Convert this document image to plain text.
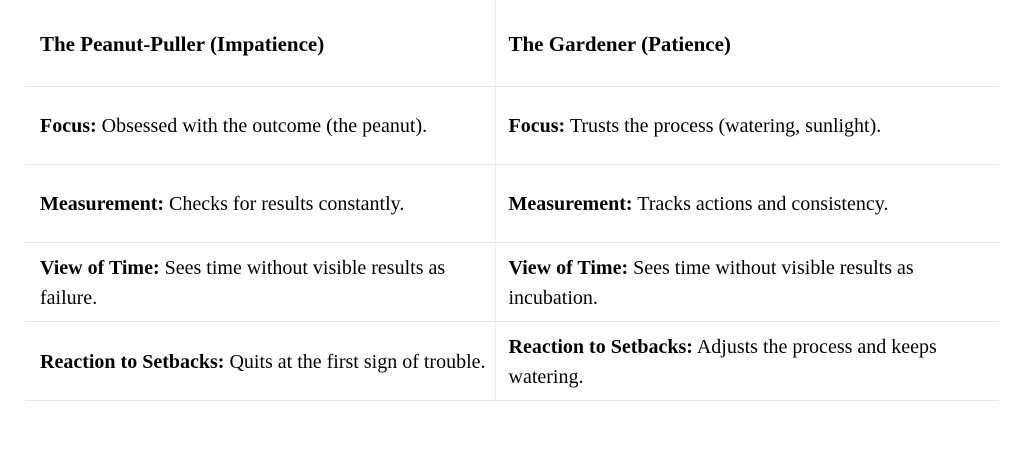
The Peanut-Puller (Impatience)	The Gardener (Patience)
Focus: Obsessed with the outcome (the peanut).	Focus: Trusts the process (watering, sunlight).
Measurement: Checks for results constantly.	Measurement: Tracks actions and consistency.
View of Time: Sees time without visible results as failure.	View of Time: Sees time without visible results as incubation.
Reaction to Setbacks: Quits at the first sign of trouble.	Reaction to Setbacks: Adjusts the process and keeps watering.
